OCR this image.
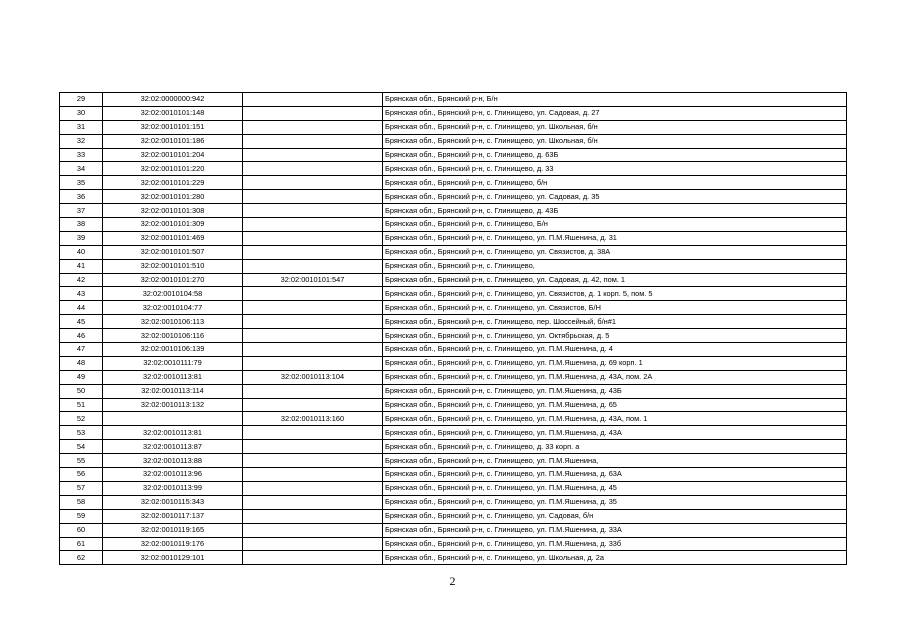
29	32:02:0000000:942		Брянская обл., Брянский р-н, Б/н
30	32:02:0010101:148		Брянская обл., Брянский р-н, с. Глинищево, ул. Садовая, д. 27
31	32:02:0010101:151		Брянская обл., Брянский р-н, с. Глинищево, ул. Школьная, б/н
32	32:02:0010101:186		Брянская обл., Брянский р-н, с. Глинищево, ул. Школьная, б/н
33	32:02:0010101:204		Брянская обл., Брянский р-н, с. Глинищево, д. 63Б
34	32:02:0010101:220		Брянская обл., Брянский р-н, с. Глинищево, д. 33
35	32:02:0010101:229		Брянская обл., Брянский р-н, с. Глинищево, б/н
36	32:02:0010101:280		Брянская обл., Брянский р-н, с. Глинищево, ул. Садовая, д. 35
37	32:02:0010101:308		Брянская обл., Брянский р-н, с. Глинищево, д. 43Б
38	32:02:0010101:309		Брянская обл., Брянский р-н, с. Глинищево, Б/н
39	32:02:0010101:469		Брянская обл., Брянский р-н, с. Глинищево, ул. П.М.Яшенина, д. 31
40	32:02:0010101:507		Брянская обл., Брянский р-н, с. Глинищево, ул. Связистов, д. 38А
41	32:02:0010101:510		Брянская обл., Брянский р-н, с. Глинищево,
42	32:02:0010101:270	32:02:0010101:547	Брянская обл., Брянский р-н, с. Глинищево, ул. Садовая, д. 42, пом. 1
43	32:02:0010104:58		Брянская обл., Брянский р-н, с. Глинищево, ул. Связистов, д. 1 корп. 5, пом. 5
44	32:02:0010104:77		Брянская обл., Брянский р-н, с. Глинищево, ул. Связистов, Б/Н
45	32:02:0010106:113		Брянская обл., Брянский р-н, с. Глинищево, пер. Шоссейный, б/н#1
46	32:02:0010106:116		Брянская обл., Брянский р-н, с. Глинищево, ул. Октябрьская, д. 5
47	32:02:0010106:139		Брянская обл., Брянский р-н, с. Глинищево, ул. П.М.Яшенина, д. 4
48	32:02:0010111:79		Брянская обл., Брянский р-н, с. Глинищево, ул. П.М.Яшенина, д. 69 корп. 1
49	32:02:0010113:81	32:02:0010113:104	Брянская обл., Брянский р-н, с. Глинищево, ул. П.М.Яшенина, д. 43А, пом. 2А
50	32:02:0010113:114		Брянская обл., Брянский р-н, с. Глинищево, ул. П.М.Яшенина, д. 43Б
51	32:02:0010113:132		Брянская обл., Брянский р-н, с. Глинищево, ул. П.М.Яшенина, д. 65
52		32:02:0010113:160	Брянская обл., Брянский р-н, с. Глинищево, ул. П.М.Яшенина, д. 43А, пом. 1
53	32:02:0010113:81		Брянская обл., Брянский р-н, с. Глинищево, ул. П.М.Яшенина, д. 43А
54	32:02:0010113:87		Брянская обл., Брянский р-н, с. Глинищево, д. 33 корп. а
55	32:02:0010113:88		Брянская обл., Брянский р-н, с. Глинищево, ул. П.М.Яшенина,
56	32:02:0010113:96		Брянская обл., Брянский р-н, с. Глинищево, ул. П.М.Яшенина, д. 63А
57	32:02:0010113:99		Брянская обл., Брянский р-н, с. Глинищево, ул. П.М.Яшенина, д. 45
58	32:02:0010115:343		Брянская обл., Брянский р-н, с. Глинищево, ул. П.М.Яшенина, д. 35
59	32:02:0010117:137		Брянская обл., Брянский р-н, с. Глинищево, ул. Садовая, б/н
60	32:02:0010119:165		Брянская обл., Брянский р-н, с. Глинищево, ул. П.М.Яшенина, д. 33А
61	32:02:0010119:176		Брянская обл., Брянский р-н, с. Глинищево, ул. П.М.Яшенина, д. 33б
62	32:02:0010129:101		Брянская обл., Брянский р-н, с. Глинищево, ул. Школьная, д. 2а
2
